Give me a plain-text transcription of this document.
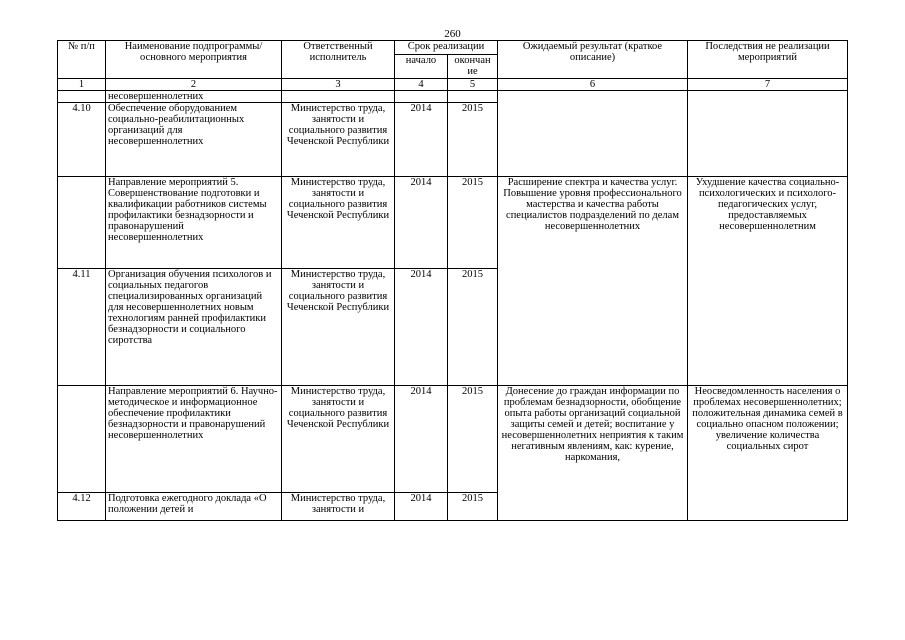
260
№ п/п	Наименование подпрограммы/ основного мероприятия	Ответственный исполнитель	Срок реализации		Ожидаемый результат (краткое описание)	Последствия не реализации мероприятий
			начало	окончан ие		
1	2	3	4	5	6	7
	несовершеннолетних					
4.10	Обеспечение оборудованием социально-реабилитационных организаций для несовершеннолетних	Министерство труда, занятости и социального развития Чеченской Республики	2014	2015		
	Направление мероприятий 5. Совершенствование подготовки и квалификации работников системы профилактики безнадзорности и правонарушений несовершеннолетних	Министерство труда, занятости и социального развития Чеченской Республики	2014	2015	Расширение спектра и качества услуг. Повышение уровня профессионального мастерства и качества работы специалистов подразделений по делам несовершеннолетних	Ухудшение качества социально-психологических и психолого-педагогических услуг, предоставляемых несовершеннолетним
4.11	Организация обучения психологов и социальных педагогов специализированных организаций для несовершеннолетних новым технологиям ранней профилактики безнадзорности и социального сиротства	Министерство труда, занятости и социального развития Чеченской Республики	2014	2015		
	Направление мероприятий 6. Научно-методическое и информационное обеспечение профилактики безнадзорности и правонарушений несовершеннолетних	Министерство труда, занятости и социального развития Чеченской Республики	2014	2015	Донесение до граждан информации по проблемам безнадзорности, обобщение опыта работы организаций социальной защиты семей и детей; воспитание у несовершеннолетних неприятия к таким негативным явлениям, как: курение, наркомания,	Неосведомленность населения о проблемах несовершеннолетних; положительная динамика семей в социально опасном положении; увеличение количества социальных сирот
4.12	Подготовка ежегодного доклада «О положении детей и	Министерство труда, занятости и	2014	2015		
